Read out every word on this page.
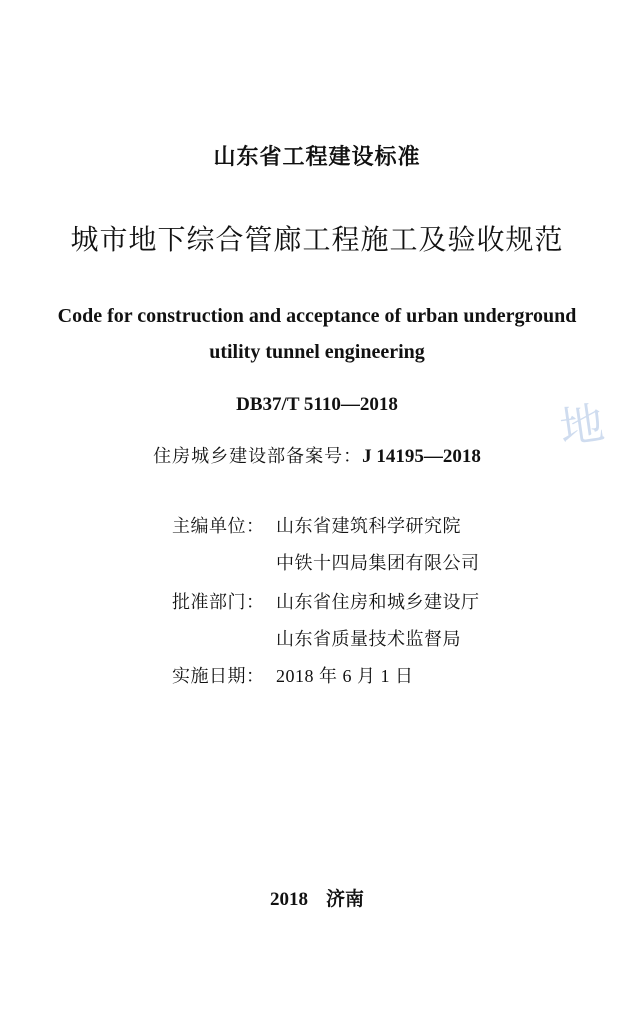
山东省工程建设标准
城市地下综合管廊工程施工及验收规范
Code for construction and acceptance of urban underground
utility tunnel engineering
DB37/T 5110—2018
住房城乡建设部备案号：J 14195—2018
主编单位： 山东省建筑科学研究院
中铁十四局集团有限公司
批准部门： 山东省住房和城乡建设厅
山东省质量技术监督局
实施日期： 2018 年 6 月 1 日
2018 济南
地
